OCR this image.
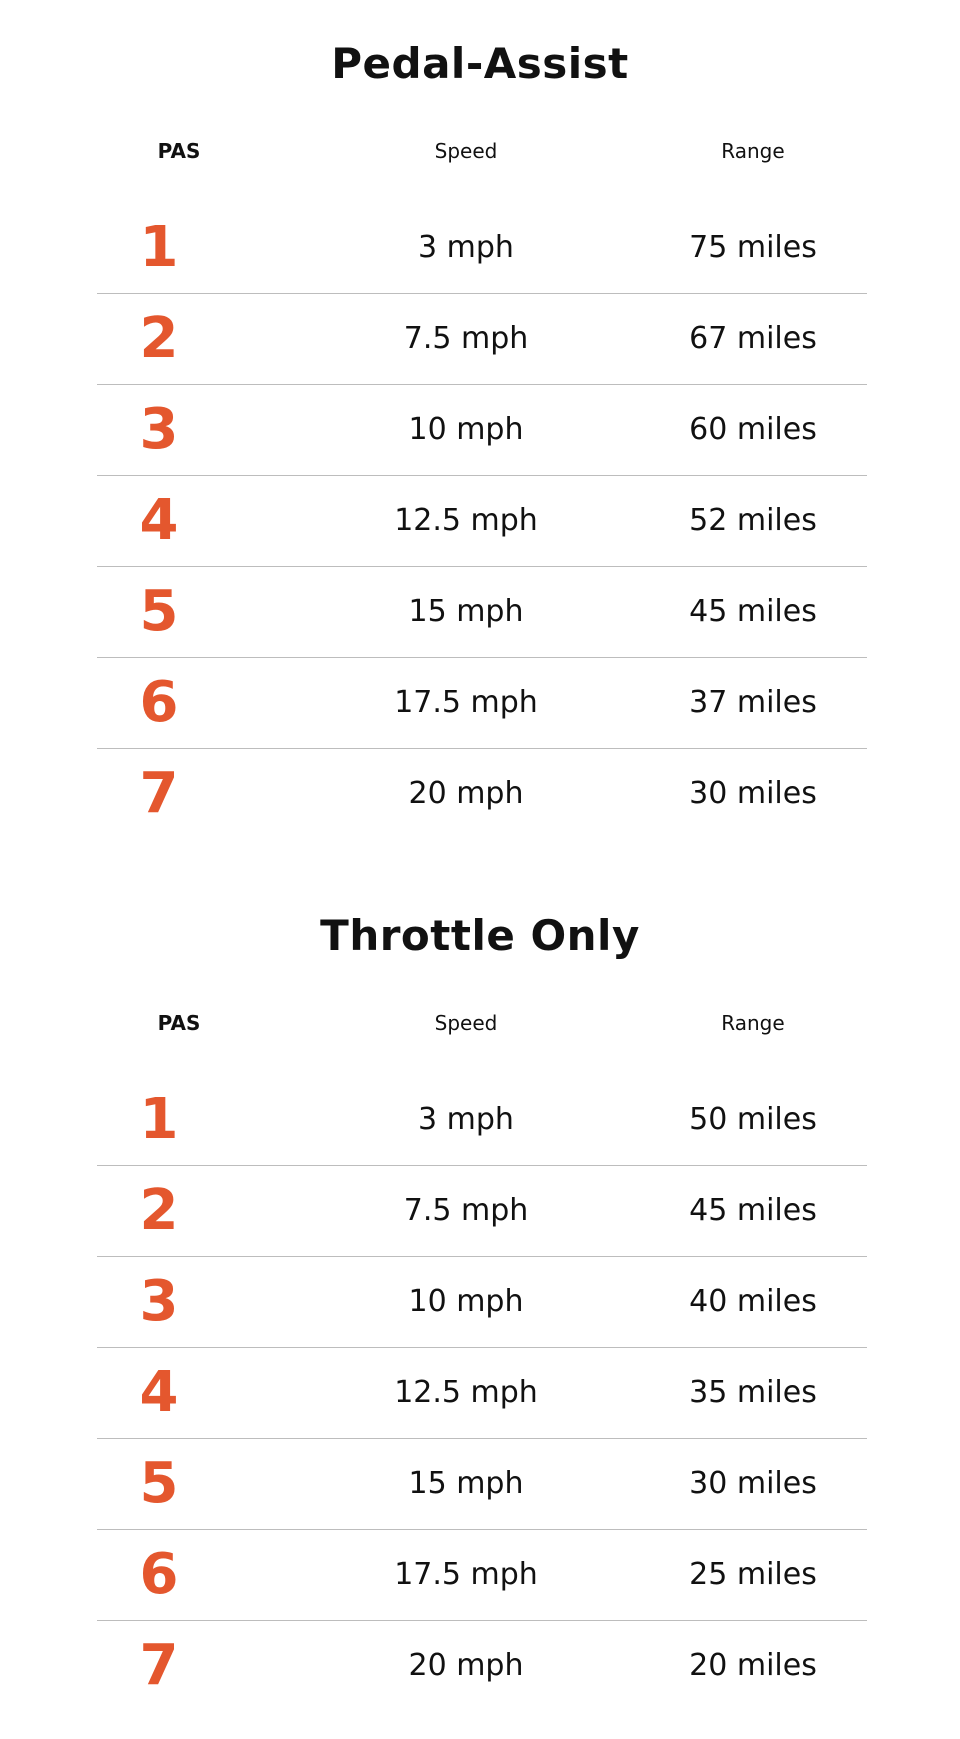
Pedal-Assist
PAS	Speed	Range
1	3 mph	75 miles
2	7.5 mph	67 miles
3	10 mph	60 miles
4	12.5 mph	52 miles
5	15 mph	45 miles
6	17.5 mph	37 miles
7	20 mph	30 miles
Throttle Only
PAS	Speed	Range
1	3 mph	50 miles
2	7.5 mph	45 miles
3	10 mph	40 miles
4	12.5 mph	35 miles
5	15 mph	30 miles
6	17.5 mph	25 miles
7	20 mph	20 miles
